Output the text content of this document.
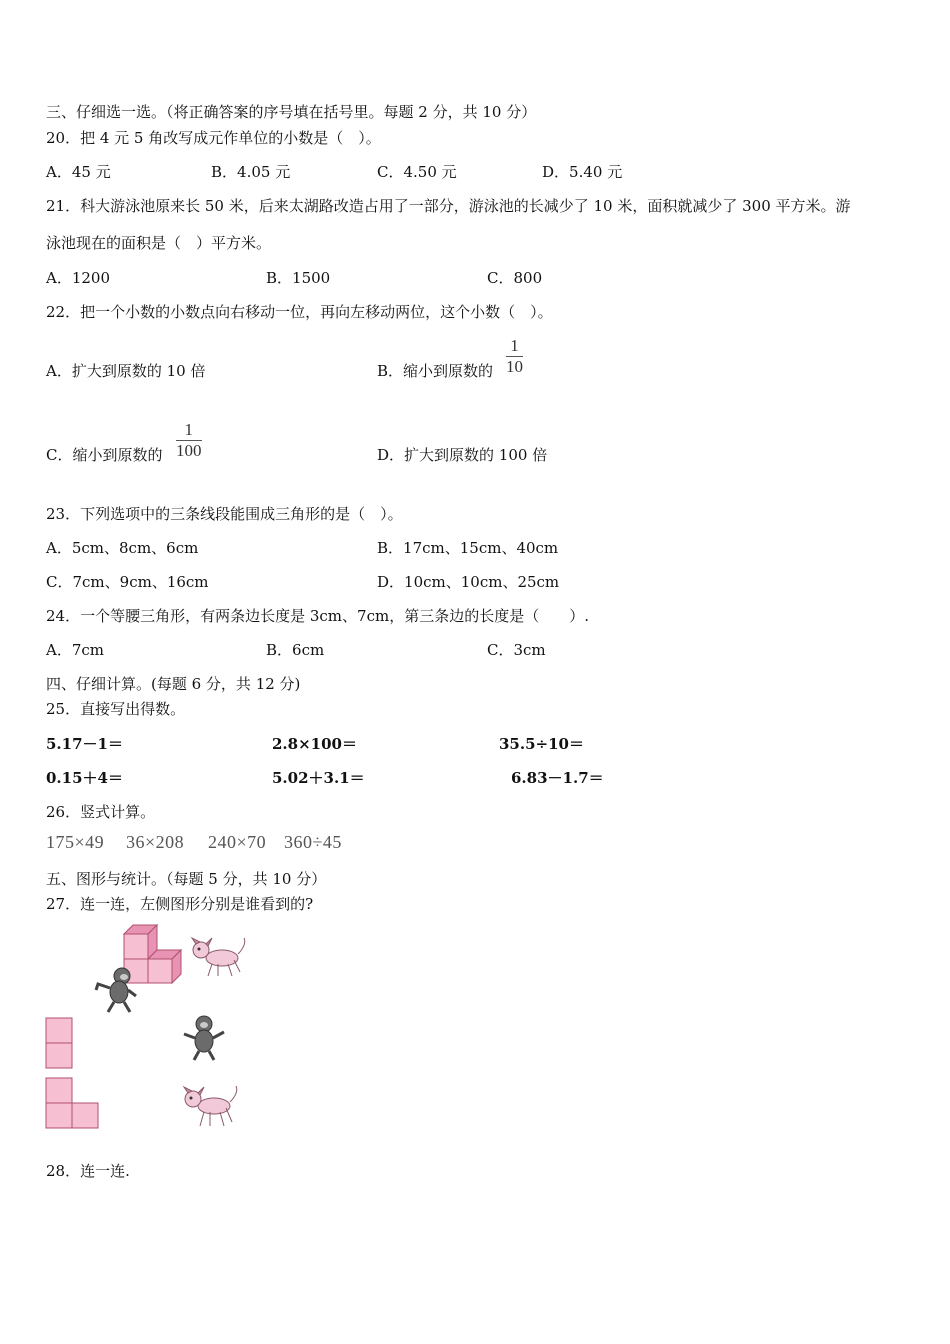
三、仔细选一选。（将正确答案的序号填在括号里。每题 2 分，共 10 分）
20．把 4 元 5 角改写成元作单位的小数是（　）。
A．45 元	B．4.05 元	C．4.50 元	D．5.40 元
21．科大游泳池原来长 50 米，后来太湖路改造占用了一部分，游泳池的长减少了 10 米，面积就减少了 300 平方米。游
泳池现在的面积是（　）平方米。
A．1200	B．1500	C．800
22．把一个小数的小数点向右移动一位，再向左移动两位，这个小数（　）。
A．扩大到原数的 10 倍	B．缩小到原数的
1
10
C．缩小到原数的
1
100	D．扩大到原数的 100 倍
23．下列选项中的三条线段能围成三角形的是（　）。
A．5cm、8cm、6cm	B．17cm、15cm、40cm
C．7cm、9cm、16cm	D．10cm、10cm、25cm
24．一个等腰三角形，有两条边长度是 3cm、7cm，第三条边的长度是（　　）.
A．7cm	B．6cm	C．3cm
四、仔细计算。(每题 6 分，共 12 分)
25．直接写出得数。
5.17－1＝	2.8×100＝	35.5÷10＝
0.15＋4＝	5.02＋3.1＝	6.83－1.7＝
26．竖式计算。
175×49 36×208 240×70 360÷45
五、图形与统计。（每题 5 分，共 10 分）
27．连一连，左侧图形分别是谁看到的?
28．连一连.
